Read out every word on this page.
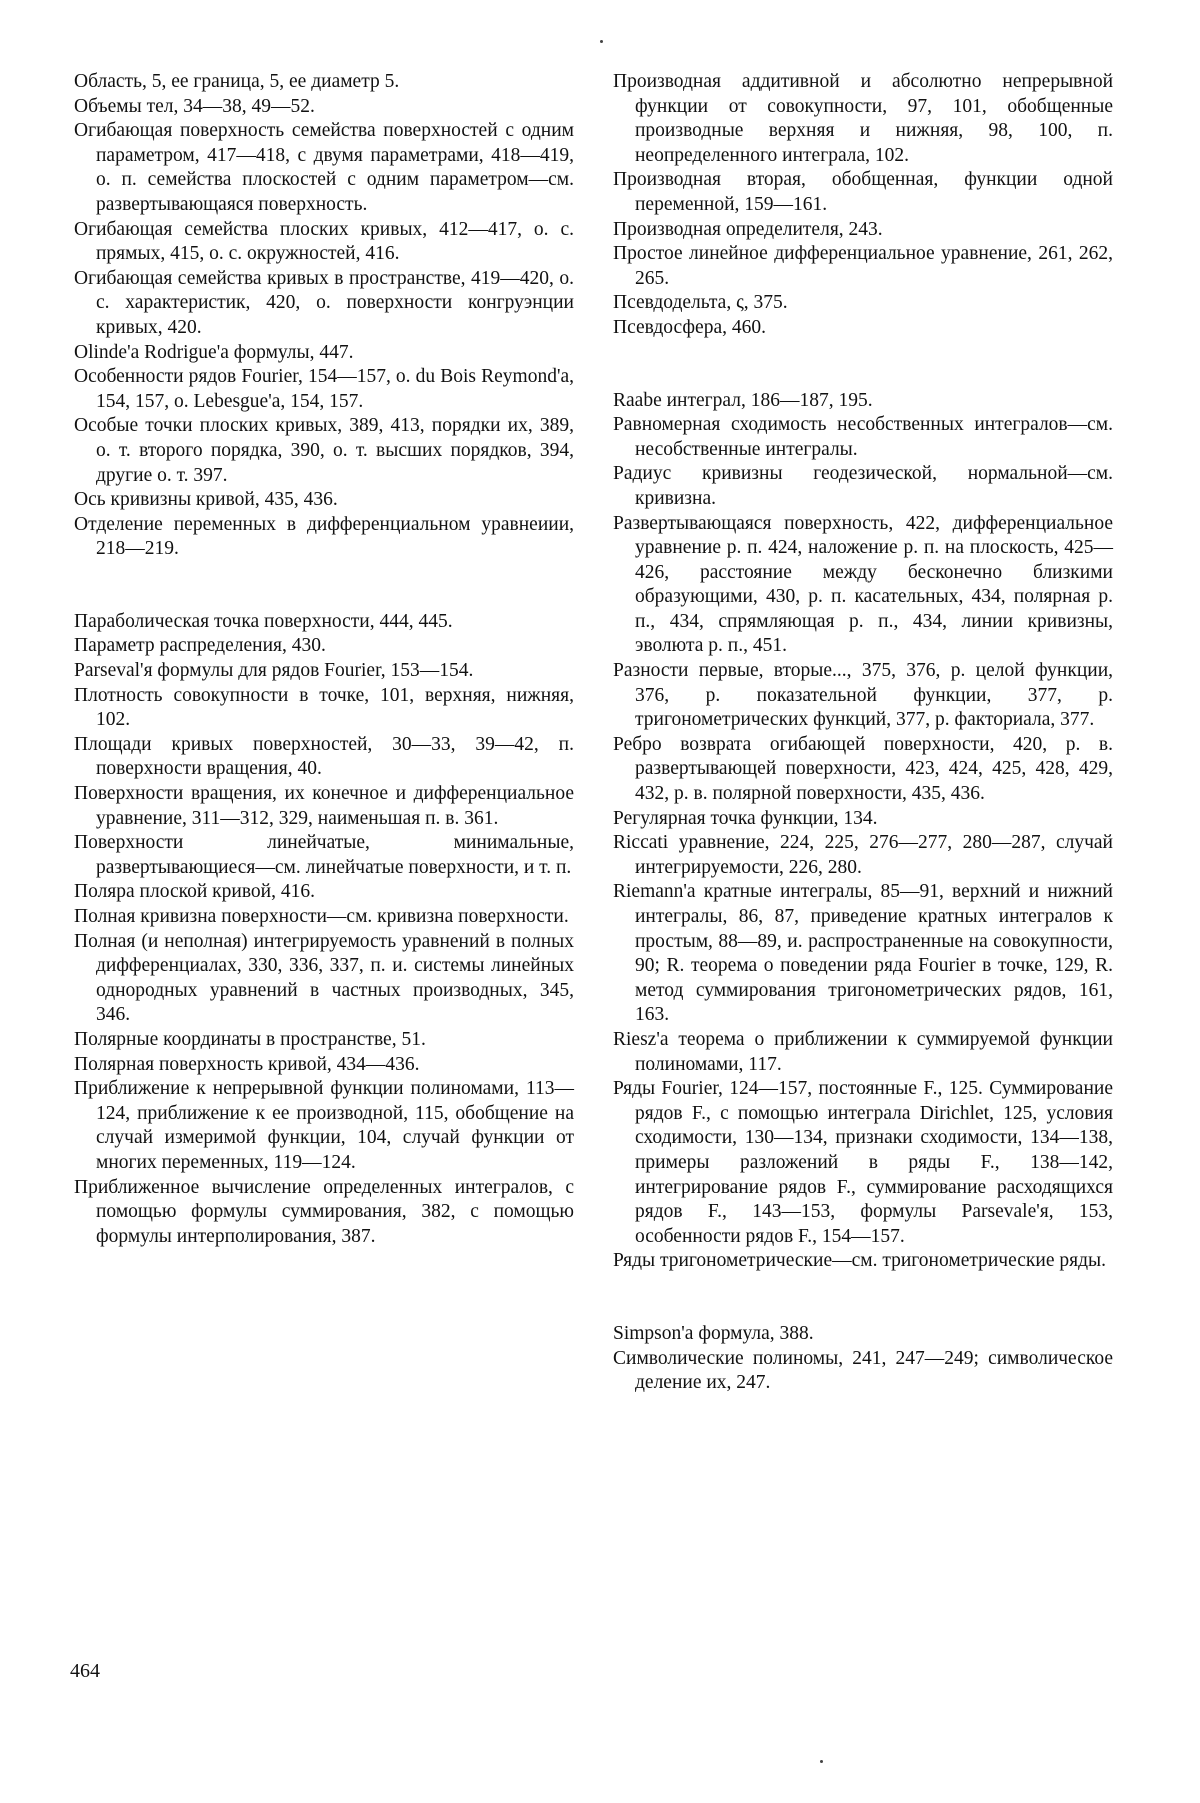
Область, 5, ее граница, 5, ее диаметр 5.

Объемы тел, 34—38, 49—52.

Огибающая поверхность семейства поверхностей с одним параметром, 417—418, с двумя параметрами, 418—419, о. п. семейства плоскостей с одним параметром—см. развертывающаяся поверхность.

Огибающая семейства плоских кривых, 412—417, о. с. прямых, 415, о. с. окружностей, 416.

Огибающая семейства кривых в пространстве, 419—420, о. с. характеристик, 420, о. поверхности конгруэнции кривых, 420.

Olinde'a Rodrigue'a формулы, 447.

Особенности рядов Fourier, 154—157, о. du Bois Reymond'a, 154, 157, о. Lebesgue'a, 154, 157.

Особые точки плоских кривых, 389, 413, порядки их, 389, о. т. второго порядка, 390, о. т. высших порядков, 394, другие о. т. 397.

Ось кривизны кривой, 435, 436.

Отделение переменных в дифференциальном уравнеиии, 218—219.

Параболическая точка поверхности, 444, 445.

Параметр распределения, 430.

Parseval'я формулы для рядов Fourier, 153—154.

Плотность совокупности в точке, 101, верхняя, нижняя, 102.

Площади кривых поверхностей, 30—33, 39—42, п. поверхности вращения, 40.

Поверхности вращения, их конечное и дифференциальное уравнение, 311—312, 329, наименьшая п. в. 361.

Поверхности линейчатые, минимальные, развертывающиеся—см. линейчатые поверхности, и т. п.

Поляра плоской кривой, 416.

Полная кривизна поверхности—см. кривизна поверхности.

Полная (и неполная) интегрируемость уравнений в полных дифференциалах, 330, 336, 337, п. и. системы линейных однородных уравнений в частных производных, 345, 346.

Полярные координаты в пространстве, 51.

Полярная поверхность кривой, 434—436.

Приближение к непрерывной функции полиномами, 113—124, приближение к ее производной, 115, обобщение на случай измеримой функции, 104, случай функции от многих переменных, 119—124.

Приближенное вычисление определенных интегралов, с помощью формулы суммирования, 382, с помощью формулы интерполирования, 387.

Производная аддитивной и абсолютно непрерывной функции от совокупности, 97, 101, обобщенные производные верхняя и нижняя, 98, 100, п. неопределенного интеграла, 102.

Производная вторая, обобщенная, функции одной переменной, 159—161.

Производная определителя, 243.

Простое линейное дифференциальное уравнение, 261, 262, 265.

Псевдодельта, ς, 375.

Псевдосфера, 460.

Raabe интеграл, 186—187, 195.

Равномерная сходимость несобственных интегралов—см. несобственные интегралы.

Радиус кривизны геодезической, нормальной—см. кривизна.

Развертывающаяся поверхность, 422, дифференциальное уравнение р. п. 424, наложение р. п. на плоскость, 425—426, расстояние между бесконечно близкими образующими, 430, р. п. касательных, 434, полярная р. п., 434, спрямляющая р. п., 434, линии кривизны, эволюта р. п., 451.

Разности первые, вторые..., 375, 376, р. целой функции, 376, р. показательной функции, 377, р. тригонометрических функций, 377, р. факториала, 377.

Ребро возврата огибающей поверхности, 420, р. в. развертывающей поверхности, 423, 424, 425, 428, 429, 432, р. в. полярной поверхности, 435, 436.

Регулярная точка функции, 134.

Riccati уравнение, 224, 225, 276—277, 280—287, случай интегрируемости, 226, 280.

Riemann'а кратные интегралы, 85—91, верхний и нижний интегралы, 86, 87, приведение кратных интегралов к простым, 88—89, и. распространенные на совокупности, 90; R. теорема о поведении ряда Fourier в точке, 129, R. метод суммирования тригонометрических рядов, 161, 163.

Riesz'а теорема о приближении к суммируемой функции полиномами, 117.

Ряды Fourier, 124—157, постоянные F., 125. Суммирование рядов F., с помощью интеграла Dirichlet, 125, условия сходимости, 130—134, признаки сходимости, 134—138, примеры разложений в ряды F., 138—142, интегрирование рядов F., суммирование расходящихся рядов F., 143—153, формулы Parsevale'я, 153, особенности рядов F., 154—157.

Ряды тригонометрические—см. тригонометрические ряды.

Simpson'a формула, 388.

Символические полиномы, 241, 247—249; символическое деление их, 247.

464
